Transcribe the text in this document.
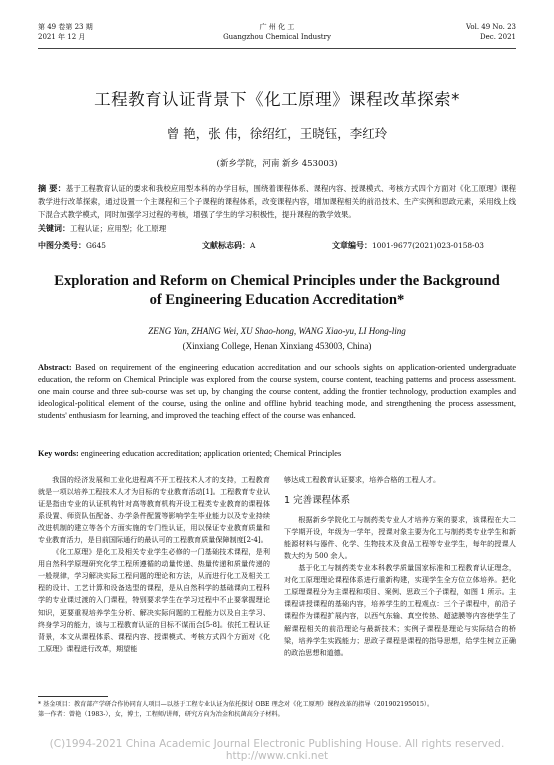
第 49 卷第 23 期
2021 年 12 月
广 州 化 工
Guangzhou Chemical Industry
Vol. 49 No. 23
Dec. 2021
工程教育认证背景下《化工原理》课程改革探索*
曾 艳，张 伟，徐绍红，王晓钰，李红玲
(新乡学院，河南 新乡 453003)
摘 要：基于工程教育认证的要求和我校应用型本科的办学目标，围绕着课程体系、课程内容、授课模式、考核方式四个方面对《化工原理》课程教学进行改革探索，通过设置一个主课程和三个子课程的课程体系，改变课程内容，增加课程相关的前沿技术、生产实例和思政元素，采用线上线下混合式教学模式，同时加强学习过程的考核，增强了学生的学习积极性，提升课程的教学效果。
关键词：工程认证；应用型；化工原理
中图分类号：G645	文献标志码：A	文章编号：1001-9677(2021)023-0158-03
Exploration and Reform on Chemical Principles under the Background of Engineering Education Accreditation*
ZENG Yan, ZHANG Wei, XU Shao-hong, WANG Xiao-yu, LI Hong-ling
(Xinxiang College, Henan Xinxiang 453003, China)
Abstract: Based on requirement of the engineering education accreditation and our schools sights on application-oriented undergraduate education, the reform on Chemical Principle was explored from the course system, course content, teaching patterns and process assessment. one main course and three sub-course was set up, by changing the course content, adding the frontier technology, production examples and ideological-political element of the course, using the online and offline hybrid teaching mode, and strengthening the process assessment, students' enthusiasm for learning, and improved the teaching effect of the course was enhanced.
Key words: engineering education accreditation; application oriented; Chemical Principles

我国的经济发展和工业化进程离不开工程技术人才的支持，工程教育就是一项以培养工程技术人才为目标的专业教育活动[1]。工程教育专业认证是指由专业的认证机构针对高等教育机构开设工程类专业教育的课程体系设置、师资队伍配备、办学条件配置等影响学生毕业能力以及专业持续改进机制的建立等各个方面实施的专门性认证，用以保证专业教育质量和专业教育活力，是目前国际通行的最认可的工程教育质量保障制度[2-4]。

《化工原理》是化工及相关专业学生必修的一门基础技术课程，是利用自然科学原理研究化学工程所遵循的动量传递、热量传递和质量传递的一般规律，学习解决实际工程问题的理论和方法，从而进行化工及相关工程的设计、工艺计算和设备选型的课程，是从自然科学的基础课向工程科学的专业课过渡的入门课程，特别要求学生在学习过程中不止要掌握理论知识，更要重视培养学生分析、解决实际问题的工程能力以及自主学习、终身学习的能力，该与工程教育认证的目标不谋而合[5-8]。依托工程认证背景，本文从课程体系、课程内容、授课模式、考核方式四个方面对《化工原理》课程进行改革，期望能

够达成工程教育认证要求，培养合格的工程人才。

1 完善课程体系

根据新乡学院化工与制药类专业人才培养方案的要求，该课程在大二下学期开设，年级为一学年，授课对象主要为化工与制药类专业学生和新能源材料与器件、化学、生物技术及食品工程等专业学生，每年的授课人数大约为 500 余人。

基于化工与制药类专业本科教学质量国家标准和工程教育认证理念，对化工原理理论课程体系进行重新构建，实现学生全方位立体培养。把化工原理课程分为主课程和项目、案例、思政三个子课程，如图 1 所示。主课程讲授课程的基础内容，培养学生的工程观点：三个子课程中，前沿子课程作为课程扩展内容，以西气东输、真空传热、超滤膜等内容使学生了解课程相关的前沿理论与最新技术；实例子课程是理论与实际结合的桥梁，培养学生实践能力；思政子课程是课程的指导思想，给学生树立正确的政治思想和道德。

* 基金项目：教育部产学研合作协同育人项目—以基于工程专业认证为依托探讨 OBE 理念对《化工原理》课程改革的指导（201902195015）。
第一作者：曾艳（1983-），女，博士，工程师/讲师，研究方向为冶金和抗菌高分子材料。
(C)1994-2021 China Academic Journal Electronic Publishing House. All rights reserved. http://www.cnki.net
